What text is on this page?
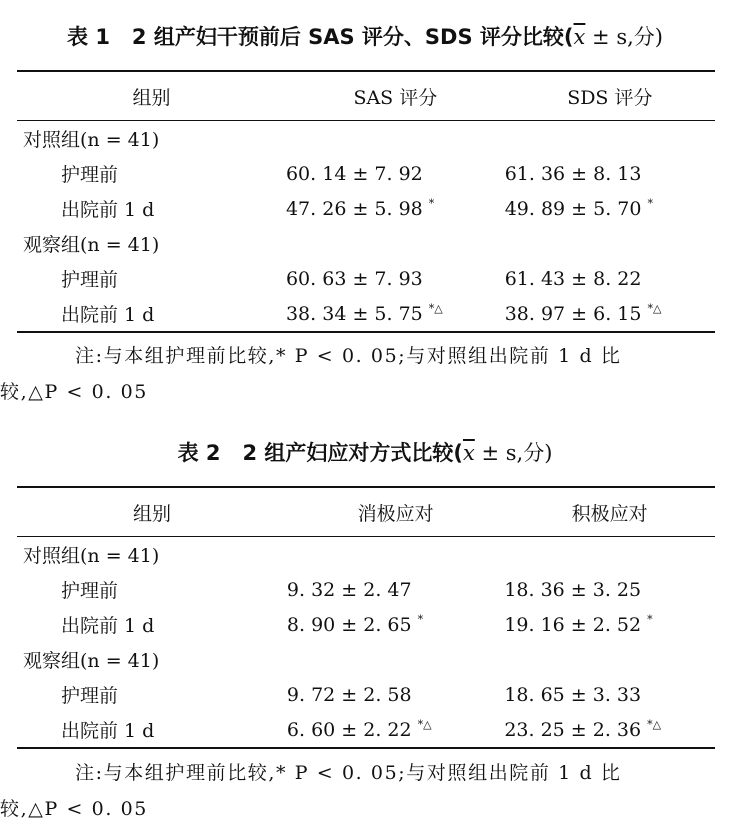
表 1 2 组产妇干预前后 SAS 评分、SDS 评分比较($\overline{x} \pm s$,分)
组别	SAS 评分	SDS 评分
对照组(n = 41)		
护理前	60. 14 ± 7. 92	61. 36 ± 8. 13
出院前 1 d	47. 26 ± 5. 98 *	49. 89 ± 5. 70 *
观察组(n = 41)		
护理前	60. 63 ± 7. 93	61. 43 ± 8. 22
出院前 1 d	38. 34 ± 5. 75 *△	38. 97 ± 6. 15 *△
注:与本组护理前比较,* P < 0. 05;与对照组出院前 1 d 比
较,△P < 0. 05
表 2 2 组产妇应对方式比较($\overline{x} \pm s$,分)
组别	消极应对	积极应对
对照组(n = 41)		
护理前	9. 32 ± 2. 47	18. 36 ± 3. 25
出院前 1 d	8. 90 ± 2. 65 *	19. 16 ± 2. 52 *
观察组(n = 41)		
护理前	9. 72 ± 2. 58	18. 65 ± 3. 33
出院前 1 d	6. 60 ± 2. 22 *△	23. 25 ± 2. 36 *△
注:与本组护理前比较,* P < 0. 05;与对照组出院前 1 d 比
较,△P < 0. 05
